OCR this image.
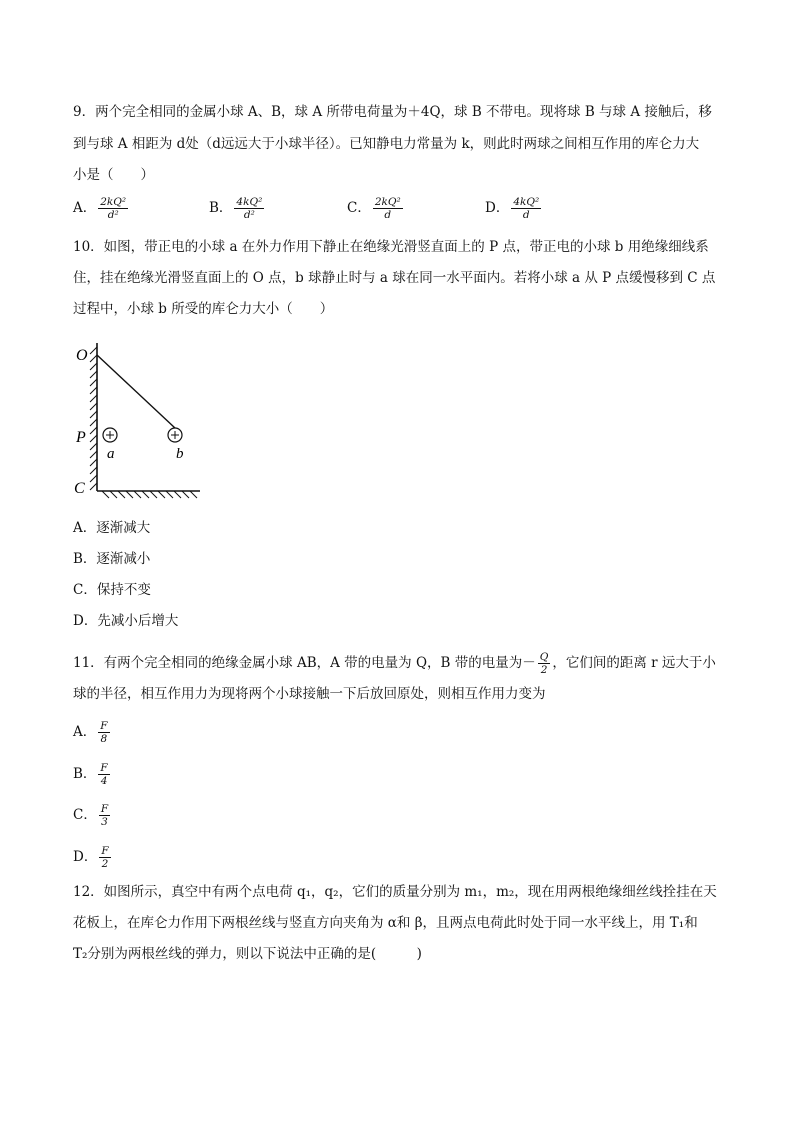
9．两个完全相同的金属小球 A、B，球 A 所带电荷量为＋4Q，球 B 不带电。现将球 B 与球 A 接触后，移
到与球 A 相距为 d处（d远远大于小球半径）。已知静电力常量为 k，则此时两球之间相互作用的库仑力大
小是（　　）
A． $\frac{\text{2kQ²}}{\text{d²}}$	B． $\frac{\text{4kQ²}}{\text{d²}}$	C． $\frac{\text{2kQ²}}{d}$	D． $\frac{\text{4kQ²}}{d}$
10．如图，带正电的小球 a 在外力作用下静止在绝缘光滑竖直面上的 P 点，带正电的小球 b 用绝缘细线系
住，挂在绝缘光滑竖直面上的 O 点，b 球静止时与 a 球在同一水平面内。若将小球 a 从 P 点缓慢移到 C 点
过程中，小球 b 所受的库仑力大小（　　）
O
P
C
a	b
A．逐渐减大
B．逐渐减小
C．保持不变
D．先减小后增大
11．有两个完全相同的绝缘金属小球 AB，A 带的电量为 Q，B 带的电量为－ $\frac{Q}{2}$ ，它们间的距离 r 远大于小
球的半径，相互作用力为现将两个小球接触一下后放回原处，则相互作用力变为
A． $\frac{F}{8}$
B． $\frac{F}{4}$
C． $\frac{F}{3}$
D． $\frac{F}{2}$
12．如图所示，真空中有两个点电荷 q₁，q₂，它们的质量分别为 m₁，m₂，现在用两根绝缘细丝线拴挂在天
花板上，在库仑力作用下两根丝线与竖直方向夹角为 α和 β，且两点电荷此时处于同一水平线上，用 T₁和
T₂分别为两根丝线的弹力，则以下说法中正确的是(　　　)
